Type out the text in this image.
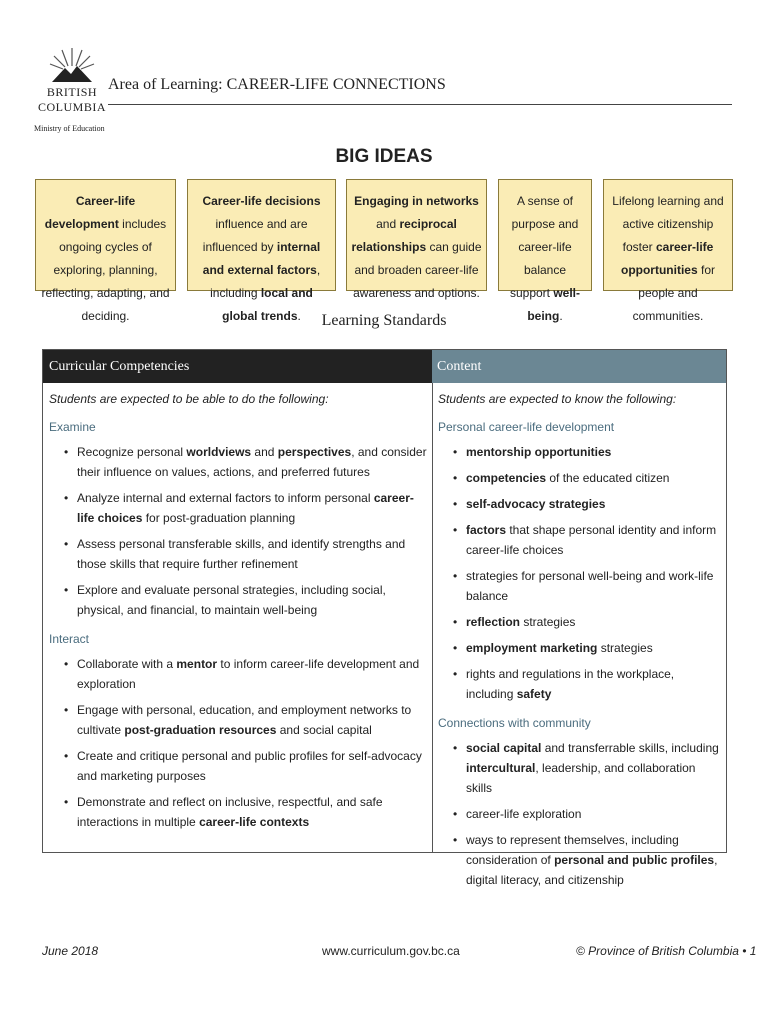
BRITISH
COLUMBIA
Ministry of Education
Area of Learning: CAREER-LIFE CONNECTIONS
BIG IDEAS
Career-life development includes ongoing cycles of exploring, planning, reflecting, adapting, and deciding.
Career-life decisions influence and are influenced by internal and external factors, including local and global trends.
Engaging in networks and reciprocal relationships can guide and broaden career-life awareness and options.
A sense of purpose and career-life balance support well-being.
Lifelong learning and active citizenship foster career-life opportunities for people and communities.
Learning Standards
Curricular Competencies	Content
Students are expected to be able to do the following:
Examine
• Recognize personal worldviews and perspectives, and consider their influence on values, actions, and preferred futures
• Analyze internal and external factors to inform personal career-life choices for post-graduation planning
• Assess personal transferable skills, and identify strengths and those skills that require further refinement
• Explore and evaluate personal strategies, including social, physical, and financial, to maintain well-being
Interact
• Collaborate with a mentor to inform career-life development and exploration
• Engage with personal, education, and employment networks to cultivate post-graduation resources and social capital
• Create and critique personal and public profiles for self-advocacy and marketing purposes
• Demonstrate and reflect on inclusive, respectful, and safe interactions in multiple career-life contexts
Students are expected to know the following:
Personal career-life development
• mentorship opportunities
• competencies of the educated citizen
• self-advocacy strategies
• factors that shape personal identity and inform career-life choices
• strategies for personal well-being and work-life balance
• reflection strategies
• employment marketing strategies
• rights and regulations in the workplace, including safety
Connections with community
• social capital and transferrable skills, including intercultural, leadership, and collaboration skills
• career-life exploration
• ways to represent themselves, including consideration of personal and public profiles, digital literacy, and citizenship
June 2018	www.curriculum.gov.bc.ca	© Province of British Columbia • 1
